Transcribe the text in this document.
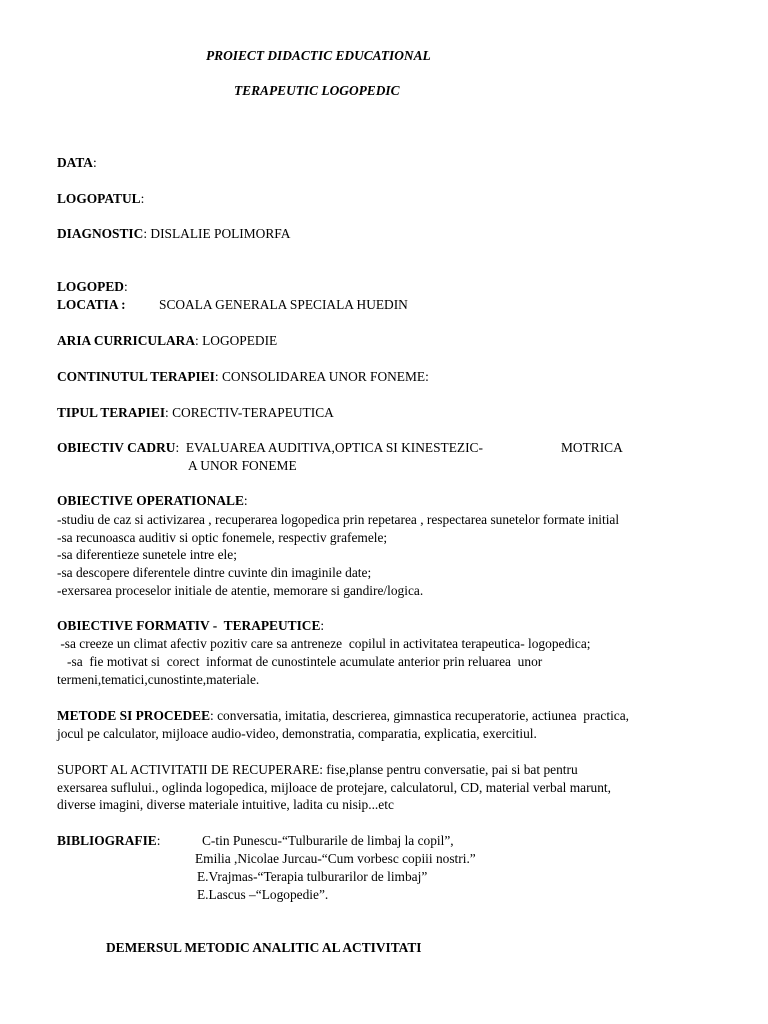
PROIECT DIDACTIC EDUCATIONAL
TERAPEUTIC LOGOPEDIC
DATA:
LOGOPATUL:
DIAGNOSTIC: DISLALIE POLIMORFA
LOGOPED:
LOCATIA : SCOALA GENERALA SPECIALA HUEDIN
ARIA CURRICULARA: LOGOPEDIE
CONTINUTUL TERAPIEI: CONSOLIDAREA UNOR FONEME:
TIPUL TERAPIEI: CORECTIV-TERAPEUTICA
OBIECTIV CADRU:  EVALUAREA AUDITIVA,OPTICA SI KINESTEZIC-	MOTRICA
A UNOR FONEME
OBIECTIVE OPERATIONALE:
-studiu de caz si activizarea , recuperarea logopedica prin repetarea , respectarea sunetelor formate initial
-sa recunoasca auditiv si optic fonemele, respectiv grafemele;
-sa diferentieze sunetele intre ele;
-sa descopere diferentele dintre cuvinte din imaginile date;
-exersarea proceselor initiale de atentie, memorare si gandire/logica.
OBIECTIVE FORMATIV -  TERAPEUTICE:
-sa creeze un climat afectiv pozitiv care sa antreneze  copilul in activitatea terapeutica- logopedica;
-sa  fie motivat si  corect  informat de cunostintele acumulate anterior prin reluarea  unor
termeni,tematici,cunostinte,materiale.
METODE SI PROCEDEE: conversatia, imitatia, descrierea, gimnastica recuperatorie, actiunea  practica,
jocul pe calculator, mijloace audio-video, demonstratia, comparatia, explicatia, exercitiul.
SUPORT AL ACTIVITATII DE RECUPERARE: fise,planse pentru conversatie, pai si bat pentru
exersarea suflului., oglinda logopedica, mijloace de protejare, calculatorul, CD, material verbal marunt,
diverse imagini, diverse materiale intuitive, ladita cu nisip...etc
BIBLIOGRAFIE:	C-tin Punescu-“Tulburarile de limbaj la copil”,
Emilia ,Nicolae Jurcau-“Cum vorbesc copiii nostri.”
E.Vrajmas-“Terapia tulburarilor de limbaj”
E.Lascus –“Logopedie”.
DEMERSUL METODIC ANALITIC AL ACTIVITATI
